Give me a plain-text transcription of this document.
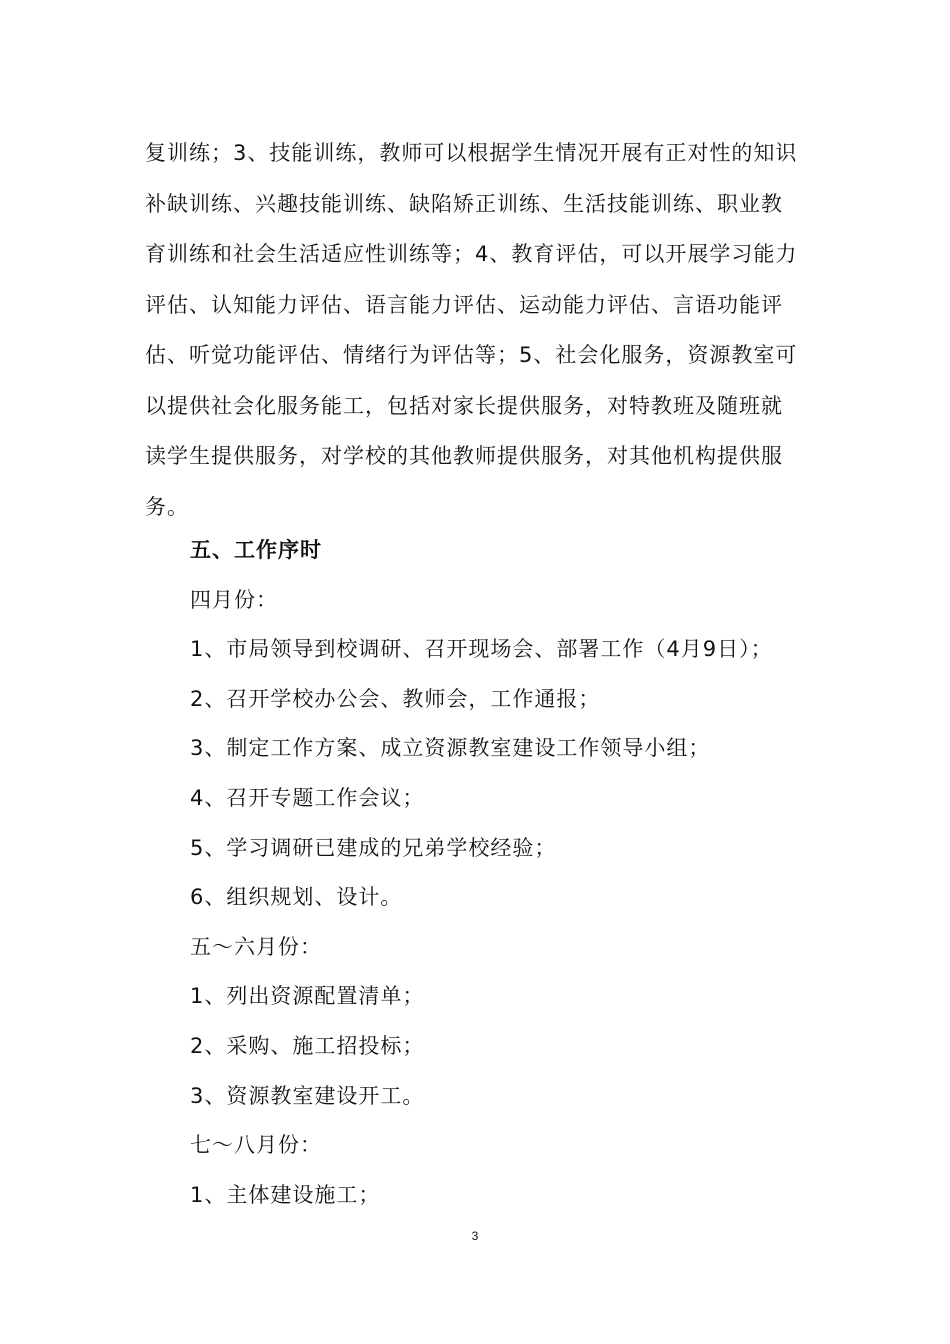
复训练；3、技能训练，教师可以根据学生情况开展有正对性的知识
补缺训练、兴趣技能训练、缺陷矫正训练、生活技能训练、职业教
育训练和社会生活适应性训练等；4、教育评估，可以开展学习能力
评估、认知能力评估、语言能力评估、运动能力评估、言语功能评
估、听觉功能评估、情绪行为评估等；5、社会化服务，资源教室可
以提供社会化服务能工，包括对家长提供服务，对特教班及随班就
读学生提供服务，对学校的其他教师提供服务，对其他机构提供服
务。
五、工作序时
四月份：
1、市局领导到校调研、召开现场会、部署工作（4月9日）；
2、召开学校办公会、教师会，工作通报；
3、制定工作方案、成立资源教室建设工作领导小组；
4、召开专题工作会议；
5、学习调研已建成的兄弟学校经验；
6、组织规划、设计。
五～六月份：
1、列出资源配置清单；
2、采购、施工招投标；
3、资源教室建设开工。
七～八月份：
1、主体建设施工；
3
